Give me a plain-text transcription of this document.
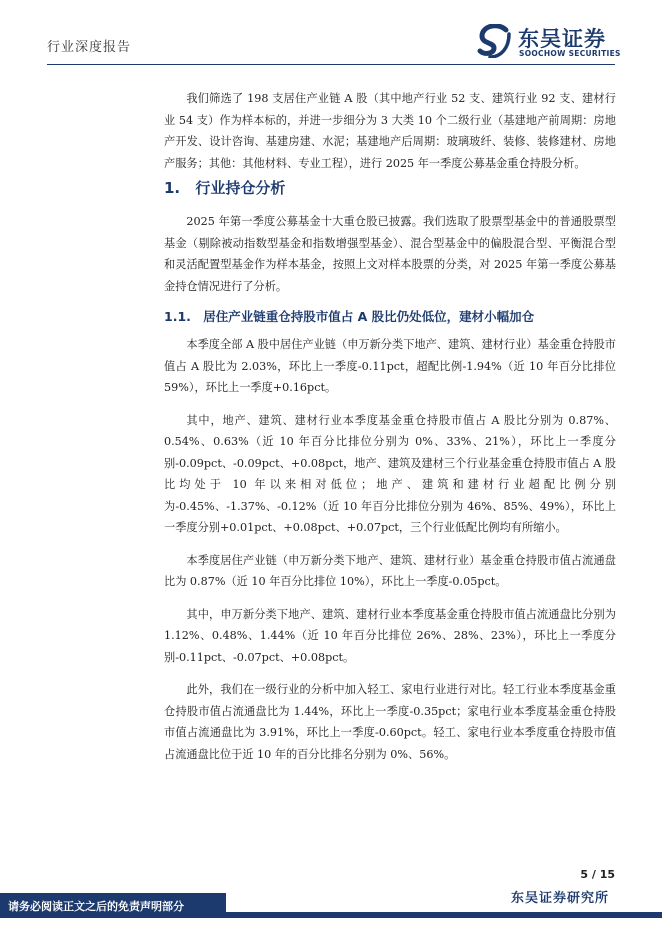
行业深度报告	东吴证券
SOOCHOW SECURITIES

我们筛选了 198 支居住产业链 A 股（其中地产行业 52 支、建筑行业 92 支、建材行业 54 支）作为样本标的，并进一步细分为 3 大类 10 个二级行业（基建地产前周期：房地产开发、设计咨询、基建房建、水泥；基建地产后周期：玻璃玻纤、装修、装修建材、房地产服务；其他：其他材料、专业工程），进行 2025 年一季度公募基金重仓持股分析。

1. 行业持仓分析

2025 年第一季度公募基金十大重仓股已披露。我们选取了股票型基金中的普通股票型基金（剔除被动指数型基金和指数增强型基金）、混合型基金中的偏股混合型、平衡混合型和灵活配置型基金作为样本基金，按照上文对样本股票的分类，对 2025 年第一季度公募基金持仓情况进行了分析。

1.1. 居住产业链重仓持股市值占 A 股比仍处低位，建材小幅加仓

本季度全部 A 股中居住产业链（申万新分类下地产、建筑、建材行业）基金重仓持股市值占 A 股比为 2.03%，环比上一季度-0.11pct，超配比例-1.94%（近 10 年百分比排位 59%），环比上一季度+0.16pct。

其中，地产、建筑、建材行业本季度基金重仓持股市值占 A 股比分别为 0.87%、0.54%、0.63%（近 10 年百分比排位分别为 0%、33%、21%），环比上一季度分别-0.09pct、-0.09pct、+0.08pct，地产、建筑及建材三个行业基金重仓持股市值占 A 股比均处于 10 年以来相对低位；地产、建筑和建材行业超配比例分别为-0.45%、-1.37%、-0.12%（近 10 年百分比排位分别为 46%、85%、49%），环比上一季度分别+0.01pct、+0.08pct、+0.07pct，三个行业低配比例均有所缩小。

本季度居住产业链（申万新分类下地产、建筑、建材行业）基金重仓持股市值占流通盘比为 0.87%（近 10 年百分比排位 10%），环比上一季度-0.05pct。

其中，申万新分类下地产、建筑、建材行业本季度基金重仓持股市值占流通盘比分别为 1.12%、0.48%、1.44%（近 10 年百分比排位 26%、28%、23%），环比上一季度分别-0.11pct、-0.07pct、+0.08pct。

此外，我们在一级行业的分析中加入轻工、家电行业进行对比。轻工行业本季度基金重仓持股市值占流通盘比为 1.44%，环比上一季度-0.35pct；家电行业本季度基金重仓持股市值占流通盘比为 3.91%，环比上一季度-0.60pct。轻工、家电行业本季度重仓持股市值占流通盘比位于近 10 年的百分比排名分别为 0%、56%。

5 / 15
请务必阅读正文之后的免责声明部分
东吴证券研究所
